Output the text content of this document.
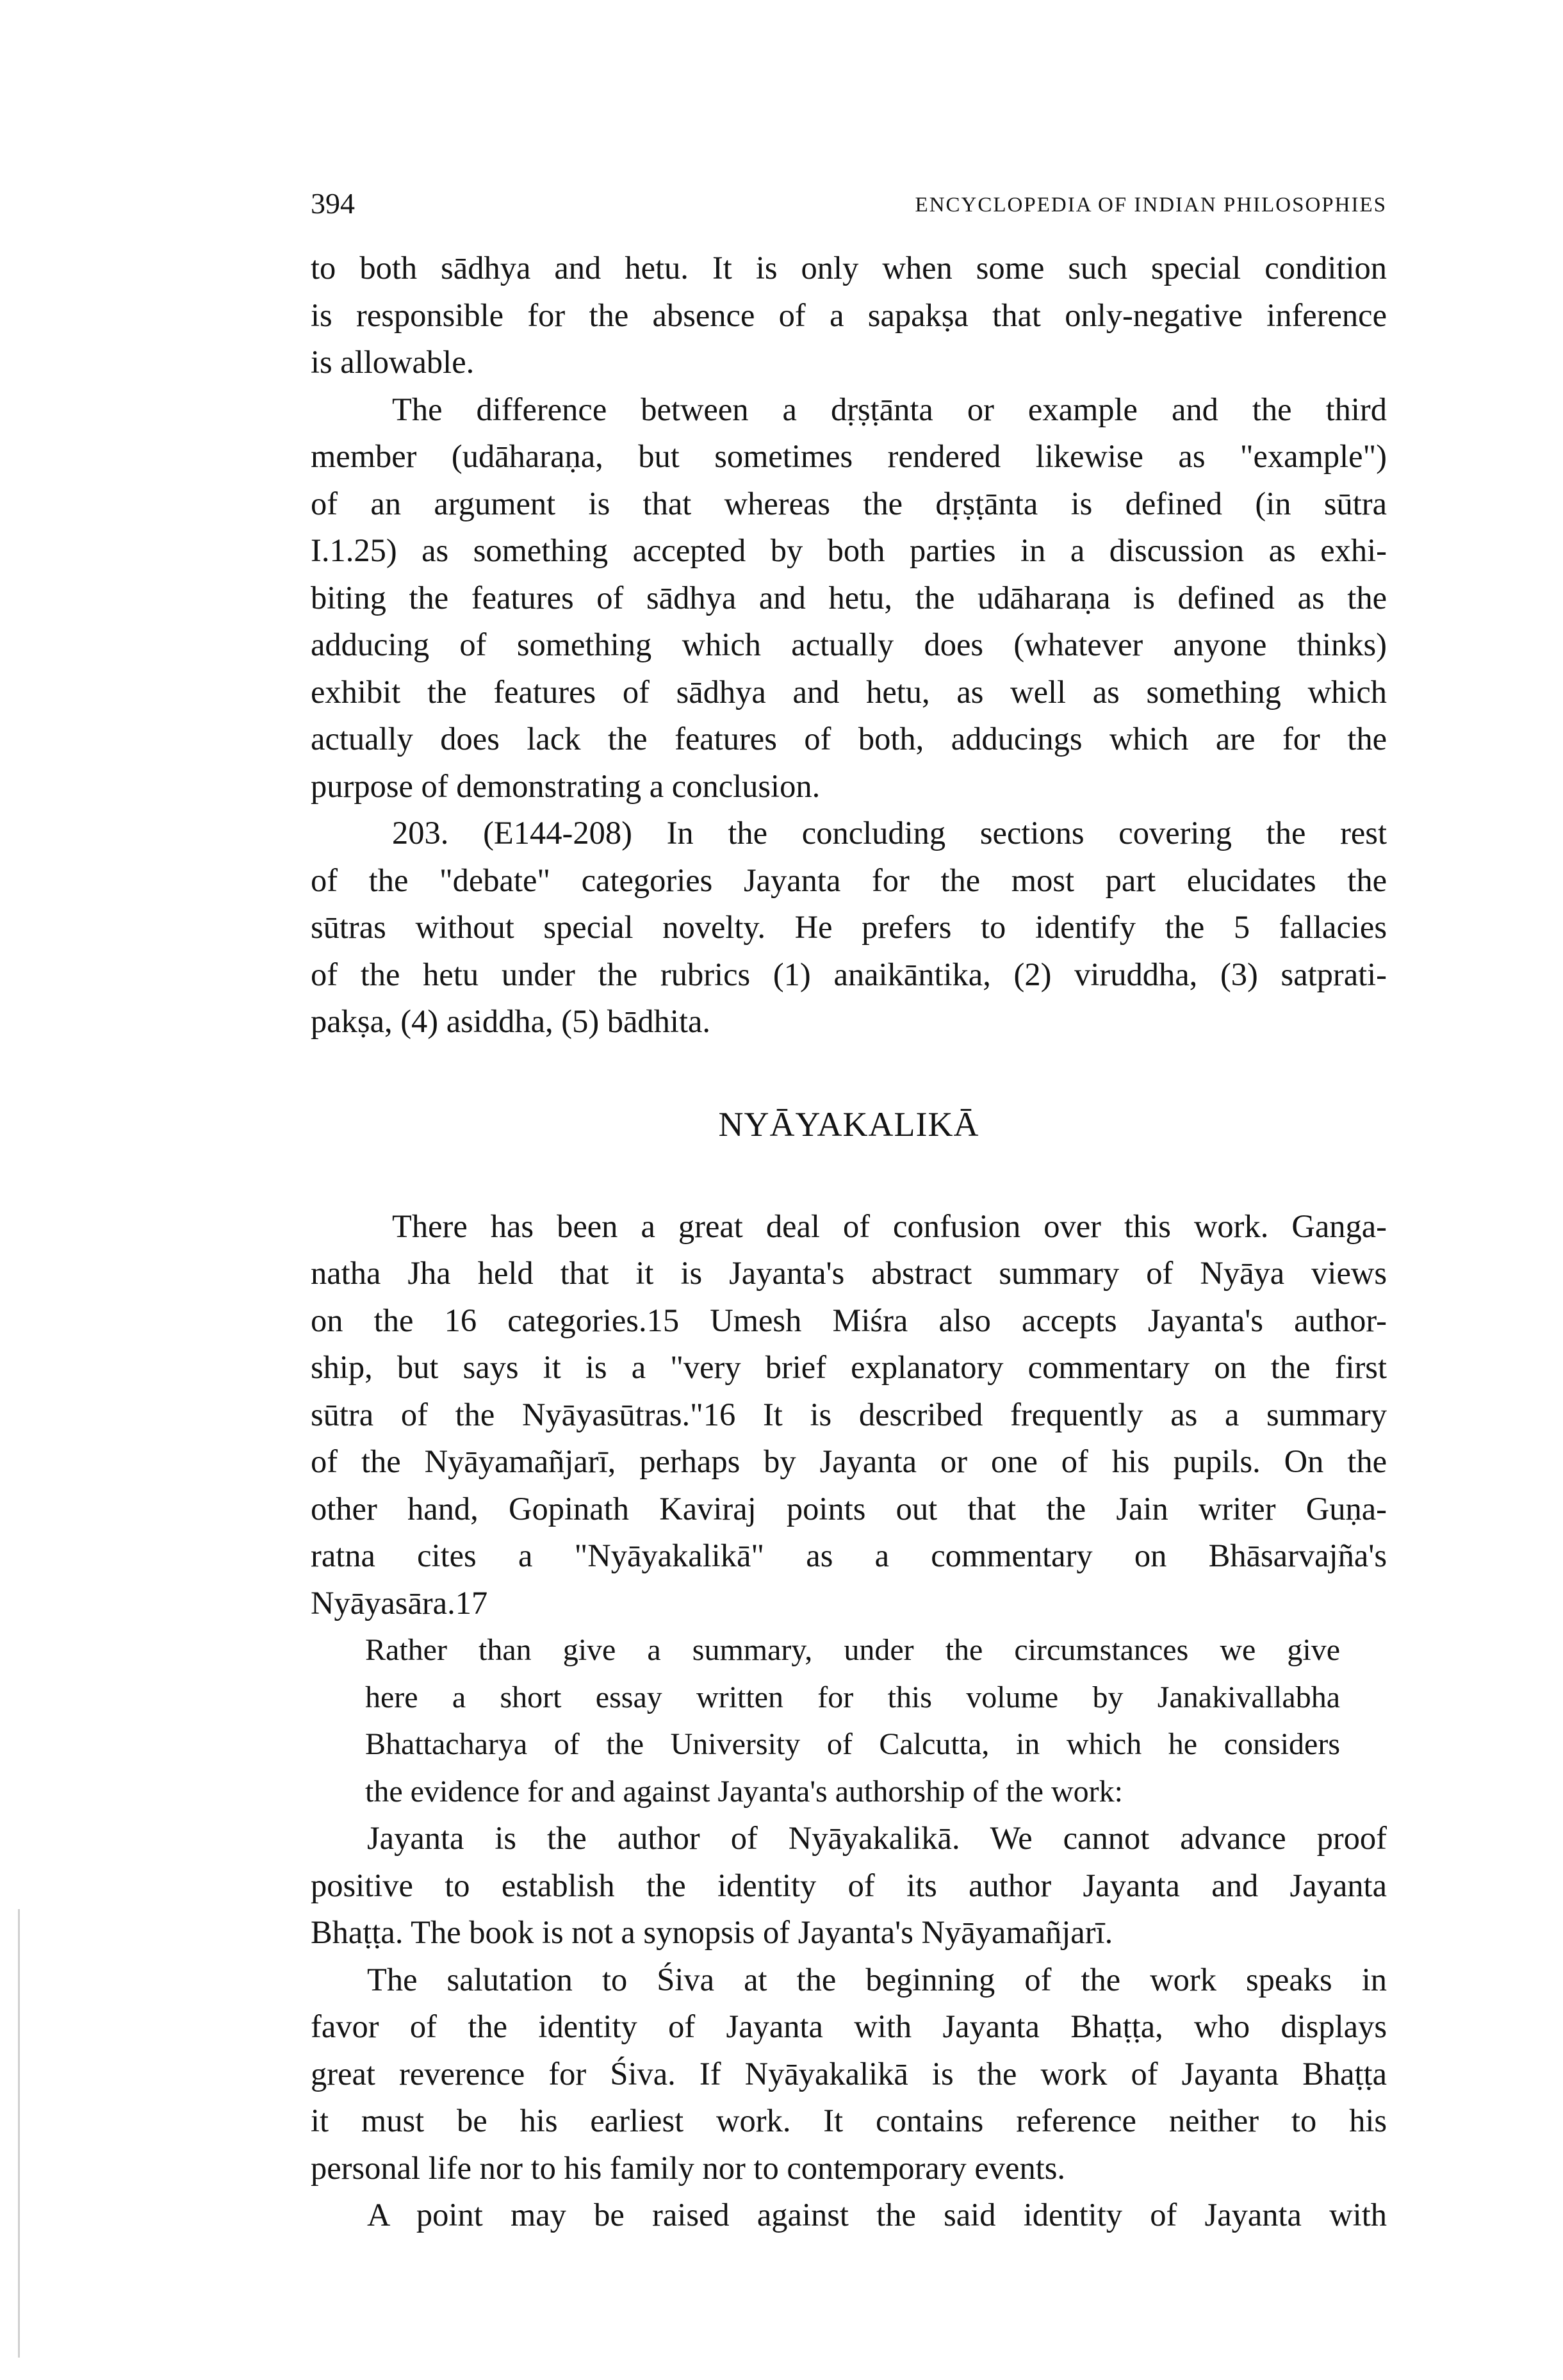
394	ENCYCLOPEDIA OF INDIAN PHILOSOPHIES
to both sādhya and hetu. It is only when some such special condition
is responsible for the absence of a sapakṣa that only-negative inference
is allowable.
The difference between a dṛṣṭānta or example and the third
member (udāharaṇa, but sometimes rendered likewise as "example")
of an argument is that whereas the dṛṣṭānta is defined (in sūtra
I.1.25) as something accepted by both parties in a discussion as exhi-
biting the features of sādhya and hetu, the udāharaṇa is defined as the
adducing of something which actually does (whatever anyone thinks)
exhibit the features of sādhya and hetu, as well as something which
actually does lack the features of both, adducings which are for the
purpose of demonstrating a conclusion.
203. (E144-208) In the concluding sections covering the rest
of the "debate" categories Jayanta for the most part elucidates the
sūtras without special novelty. He prefers to identify the 5 fallacies
of the hetu under the rubrics (1) anaikāntika, (2) viruddha, (3) satprati-
pakṣa, (4) asiddha, (5) bādhita.
NYĀYAKALIKĀ
There has been a great deal of confusion over this work. Ganga-
natha Jha held that it is Jayanta's abstract summary of Nyāya views
on the 16 categories.15 Umesh Miśra also accepts Jayanta's author-
ship, but says it is a "very brief explanatory commentary on the first
sūtra of the Nyāyasūtras."16 It is described frequently as a summary
of the Nyāyamañjarī, perhaps by Jayanta or one of his pupils. On the
other hand, Gopinath Kaviraj points out that the Jain writer Guṇa-
ratna cites a "Nyāyakalikā" as a commentary on Bhāsarvajña's
Nyāyasāra.17
Rather than give a summary, under the circumstances we give
here a short essay written for this volume by Janakivallabha
Bhattacharya of the University of Calcutta, in which he considers
the evidence for and against Jayanta's authorship of the work:
Jayanta is the author of Nyāyakalikā. We cannot advance proof
positive to establish the identity of its author Jayanta and Jayanta
Bhaṭṭa. The book is not a synopsis of Jayanta's Nyāyamañjarī.
The salutation to Śiva at the beginning of the work speaks in
favor of the identity of Jayanta with Jayanta Bhaṭṭa, who displays
great reverence for Śiva. If Nyāyakalikā is the work of Jayanta Bhaṭṭa
it must be his earliest work. It contains reference neither to his
personal life nor to his family nor to contemporary events.
A point may be raised against the said identity of Jayanta with
